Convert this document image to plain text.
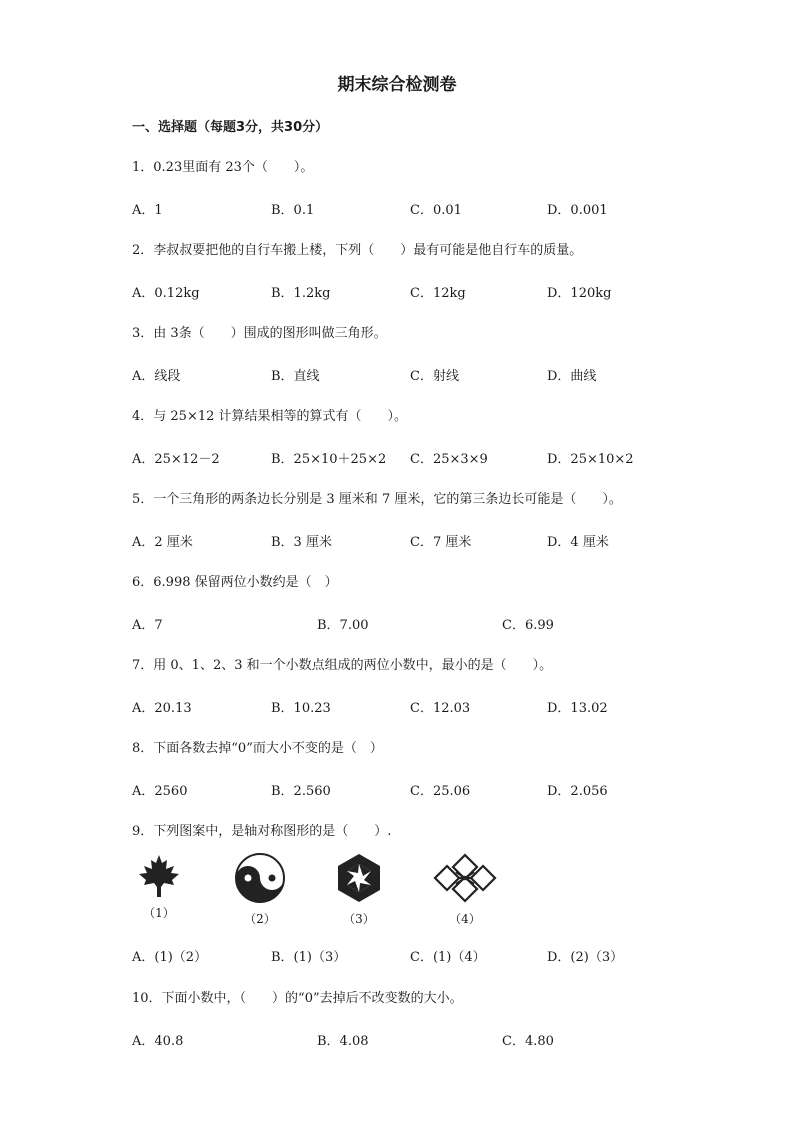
期末综合检测卷
一、选择题（每题3分，共30分）
1．0.23里面有 23个（　　）。
A．1	B．0.1	C．0.01	D．0.001
2．李叔叔要把他的自行车搬上楼，下列（　　）最有可能是他自行车的质量。
A．0.12kg	B．1.2kg	C．12kg	D．120kg
3．由 3条（　　）围成的图形叫做三角形。
A．线段	B．直线	C．射线	D．曲线
4．与 25×12 计算结果相等的算式有（　　）。
A．25×12－2	B．25×10＋25×2 C．25×3×9	D．25×10×2
5．一个三角形的两条边长分别是 3 厘米和 7 厘米，它的第三条边长可能是（　　）。
A．2 厘米	B．3 厘米	C．7 厘米	D．4 厘米
6．6.998 保留两位小数约是（　）
A．7	B．7.00	C．6.99
7．用 0、1、2、3 和一个小数点组成的两位小数中，最小的是（　　）。
A．20.13	B．10.23	C．12.03	D．13.02
8．下面各数去掉“0”而大小不变的是（　）
A．2560	B．2.560	C．25.06	D．2.056
9．下列图案中，是轴对称图形的是（　　）.
（1）	（2）	（3）	（4）
A．(1)（2）	B．(1)（3）	C．(1)（4）	D．(2)（3）
10．下面小数中，（　　）的“0”去掉后不改变数的大小。
A．40.8	B．4.08	C．4.80
